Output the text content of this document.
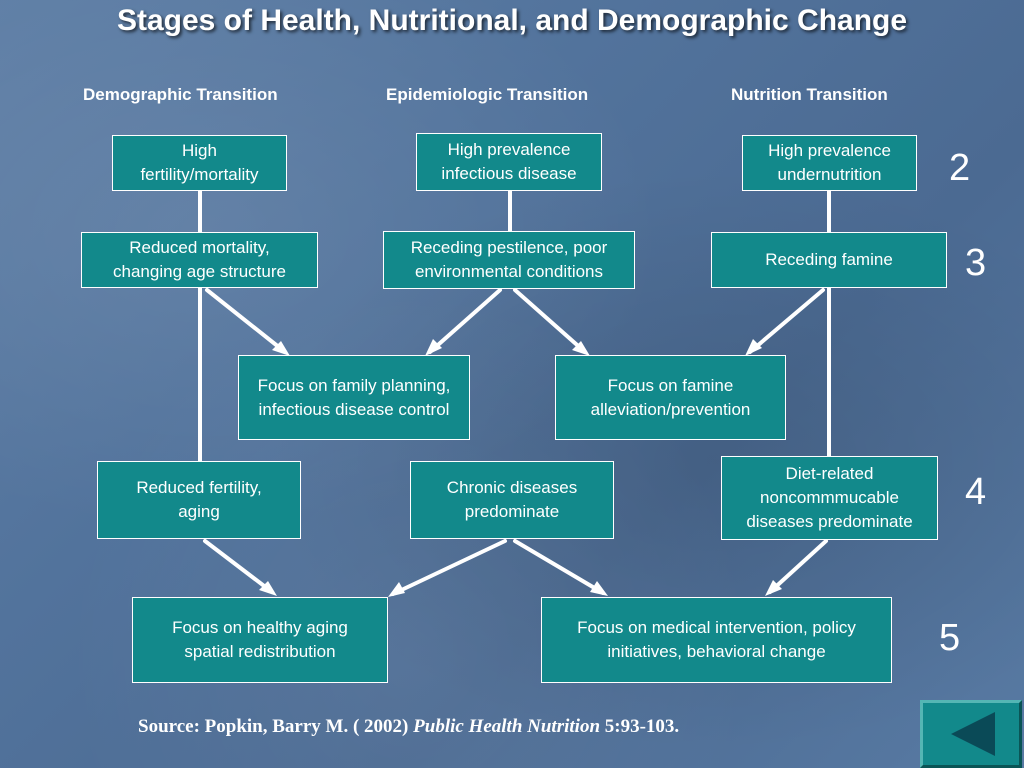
Stages of Health, Nutritional, and Demographic Change
Demographic Transition	Epidemiologic Transition	Nutrition Transition
High
fertility/mortality
High prevalence
infectious disease
High prevalence
undernutrition
Reduced mortality,
changing age structure
Receding pestilence, poor
environmental conditions
Receding famine
Focus on family planning,
infectious disease control
Focus on famine
alleviation/prevention
Reduced fertility,
aging
Chronic diseases
predominate
Diet-related
noncommmucable
diseases predominate
Focus on healthy aging
spatial redistribution
Focus on medical intervention, policy
initiatives, behavioral change
2
3
4
5
Source: Popkin, Barry M. ( 2002) Public Health Nutrition 5:93-103.
